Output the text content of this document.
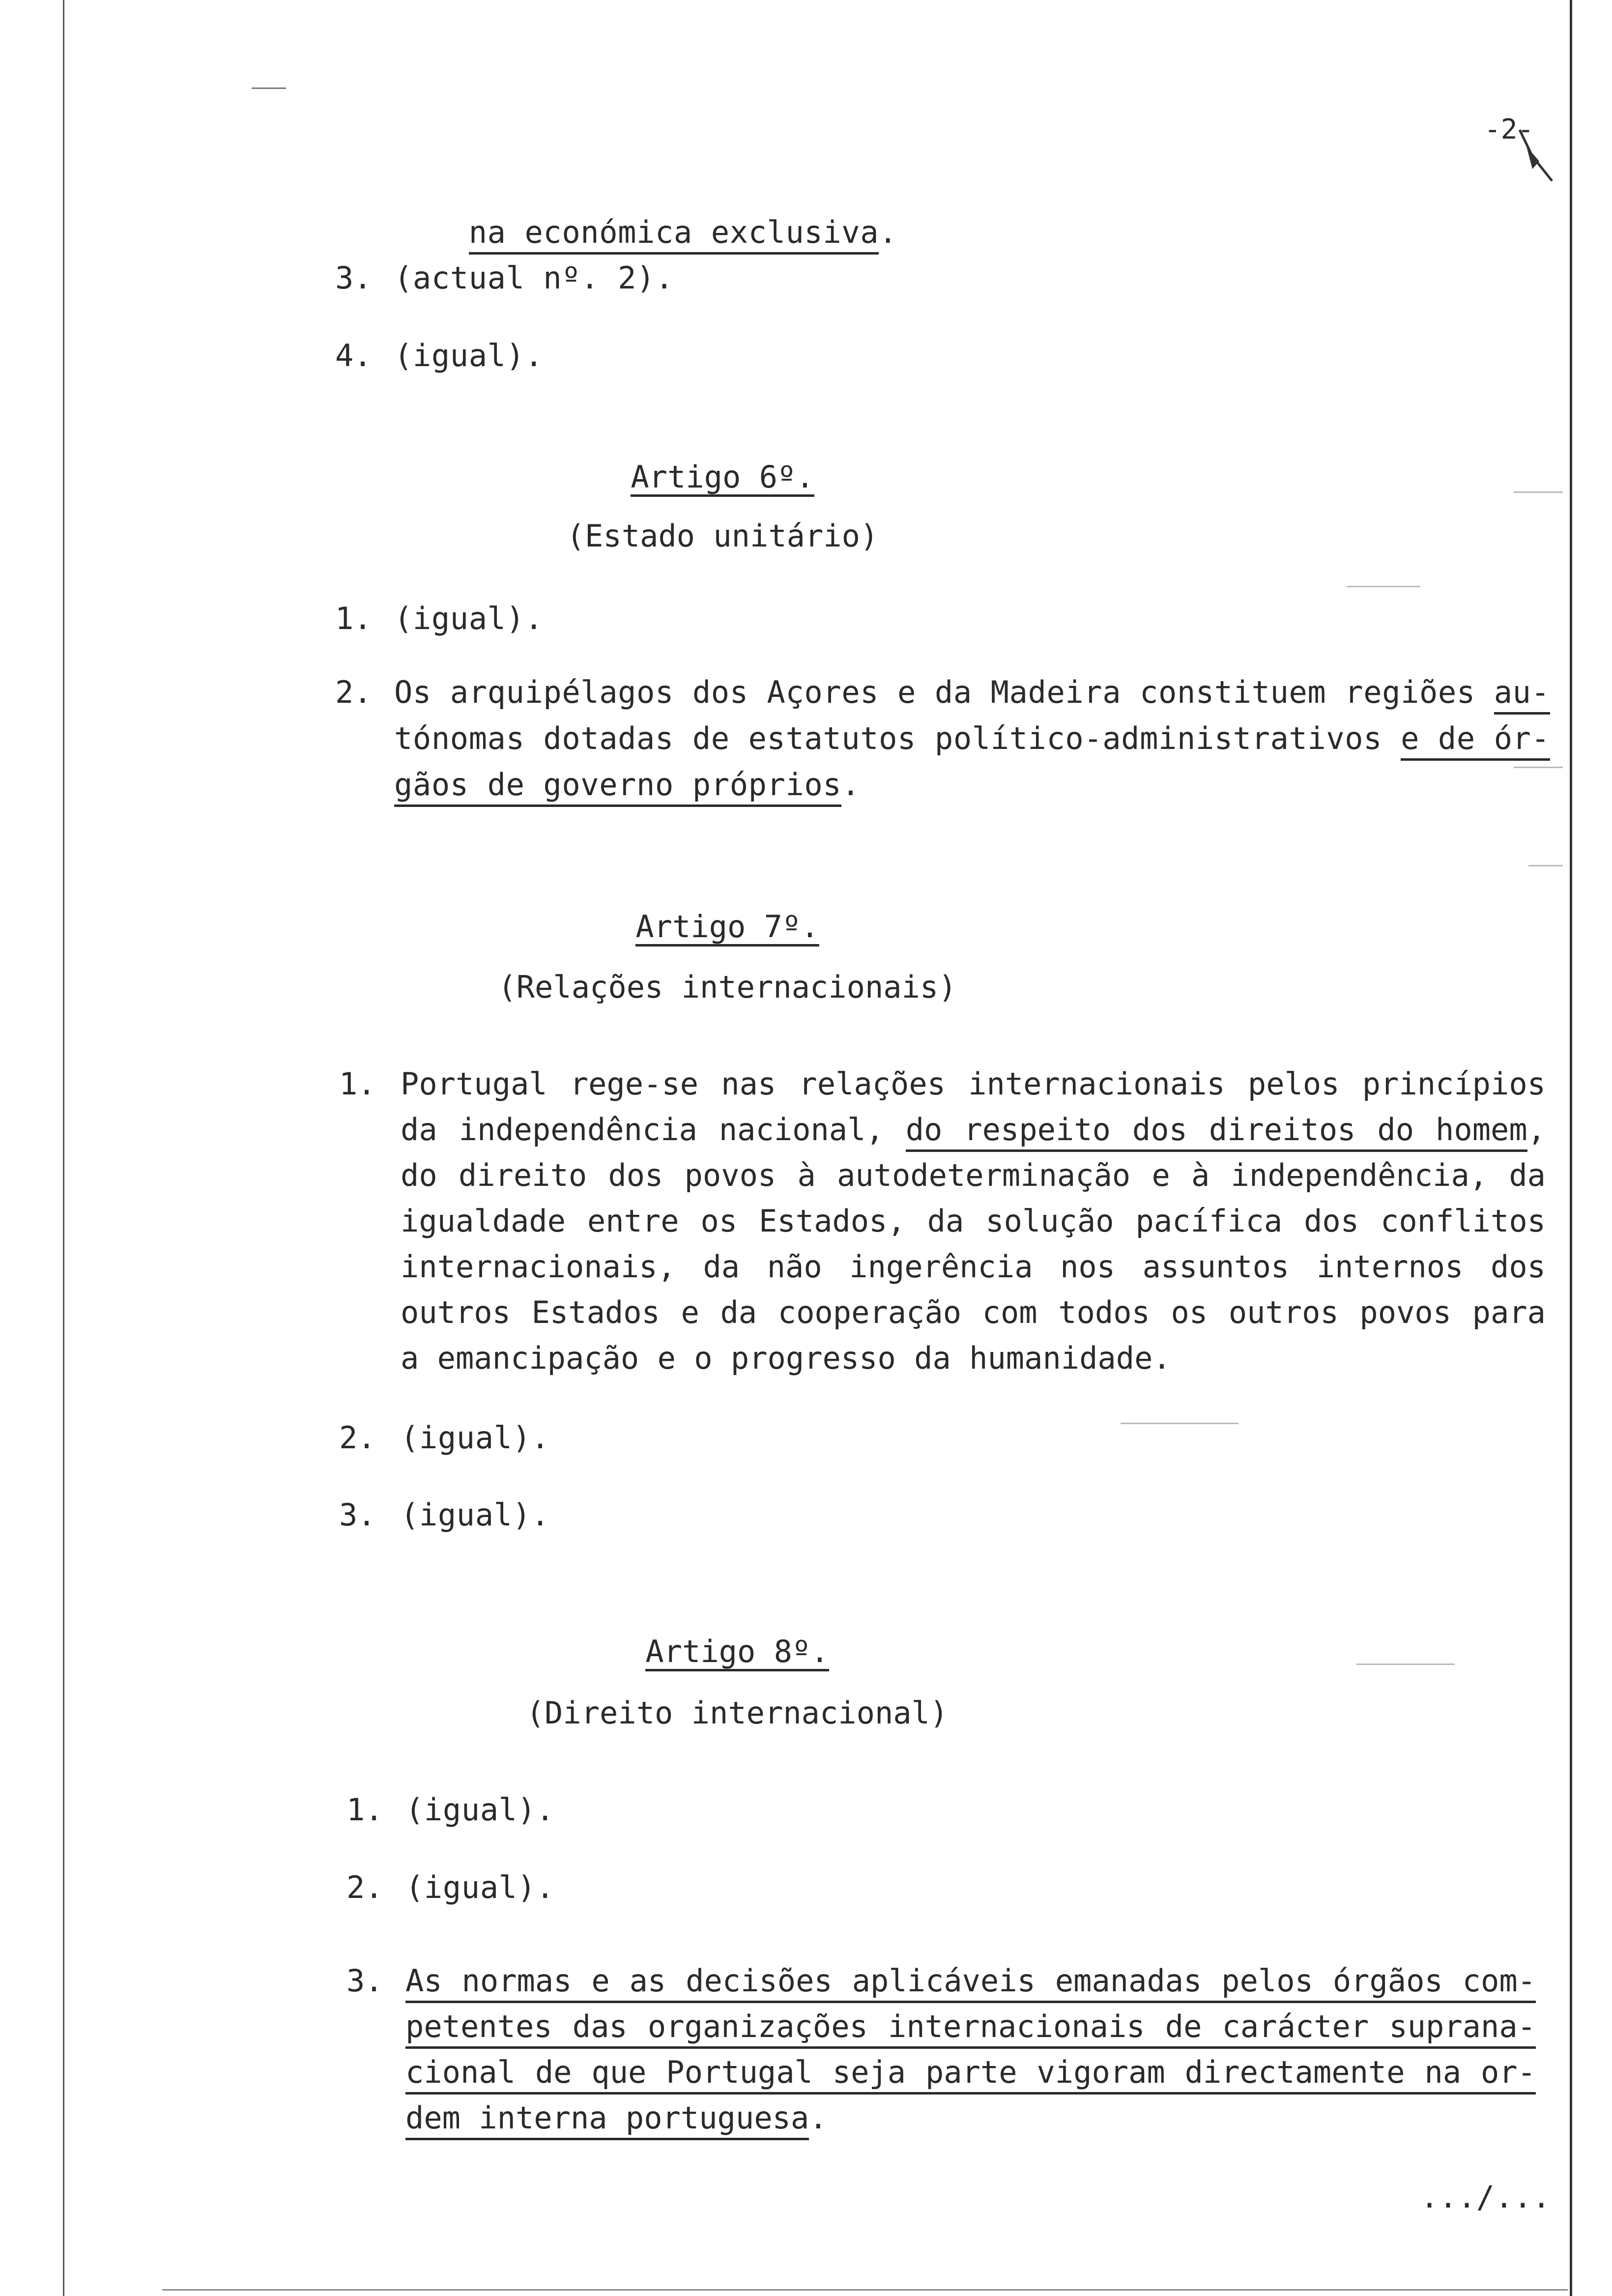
-2-

na económica exclusiva.

3. (actual nº. 2).
4. (igual).
Artigo 6º.
(Estado unitário)
1. (igual).
2. Os arquipélagos dos Açores e da Madeira constituem regiões au-
tónomas dotadas de estatutos político-administrativos e de ór-
gãos de governo próprios.
Artigo 7º.
(Relações internacionais)
1. Portugal rege-se nas relações internacionais pelos princípios
da independência nacional, do respeito dos direitos do homem,
do direito dos povos à autodeterminação e à independência, da
igualdade entre os Estados, da solução pacífica dos conflitos
internacionais, da não ingerência nos assuntos internos dos
outros Estados e da cooperação com todos os outros povos para
a emancipação e o progresso da humanidade.
2. (igual).
3. (igual).
Artigo 8º.
(Direito internacional)
1. (igual).
2. (igual).
3. As normas e as decisões aplicáveis emanadas pelos órgãos com-
petentes das organizações internacionais de carácter suprana-
cional de que Portugal seja parte vigoram directamente na or-
dem interna portuguesa.
.../...
